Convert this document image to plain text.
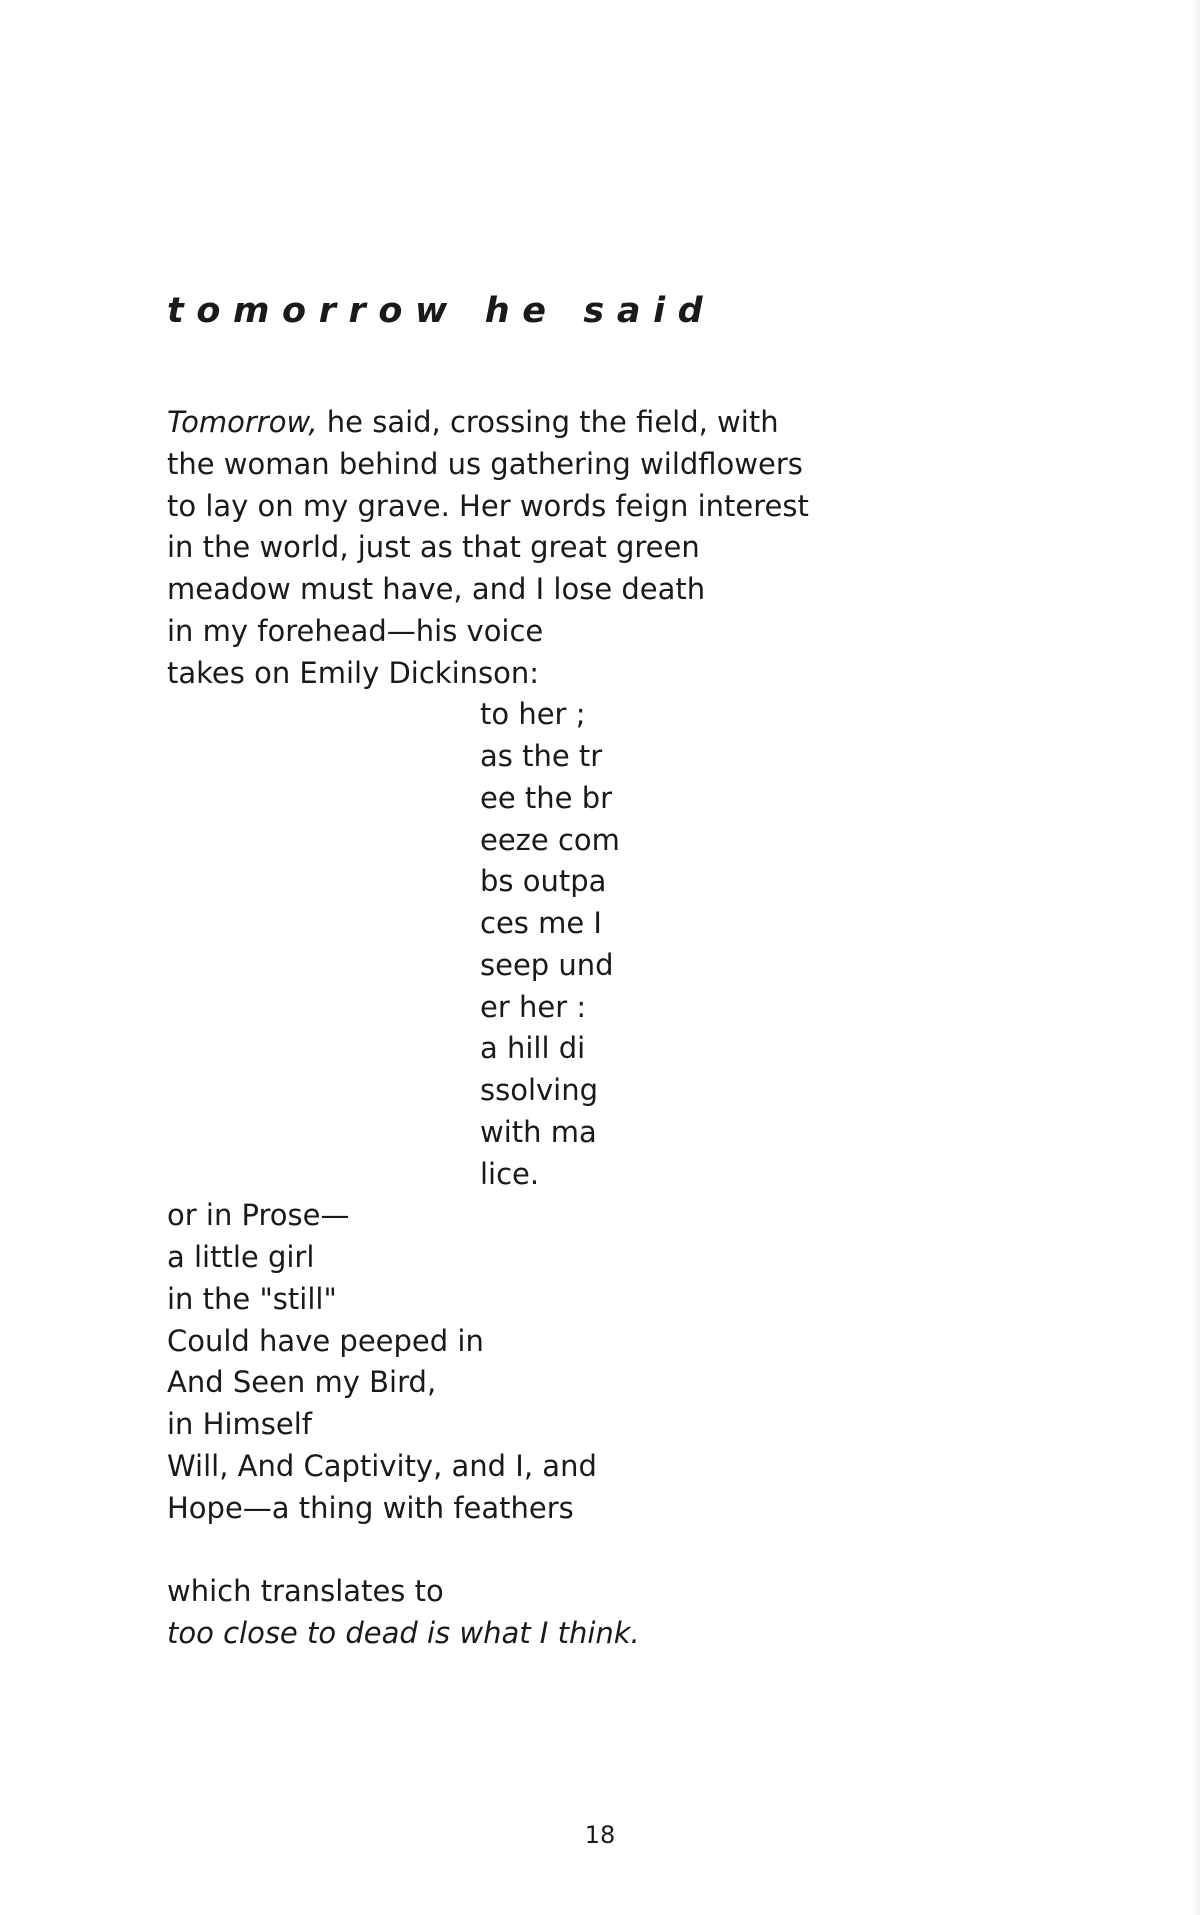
tomorrow he said
Tomorrow, he said, crossing the field, with
the woman behind us gathering wildflowers
to lay on my grave. Her words feign interest
in the world, just as that great green
meadow must have, and I lose death
in my forehead—his voice
takes on Emily Dickinson:
to her ;
as the tr
ee the br
eeze com
bs outpa
ces me I
seep und
er her :
a hill di
ssolving
with ma
lice.
or in Prose—
a little girl
in the "still"
Could have peeped in
And Seen my Bird,
in Himself
Will, And Captivity, and I, and
Hope—a thing with feathers
which translates to
too close to dead is what I think.
18
